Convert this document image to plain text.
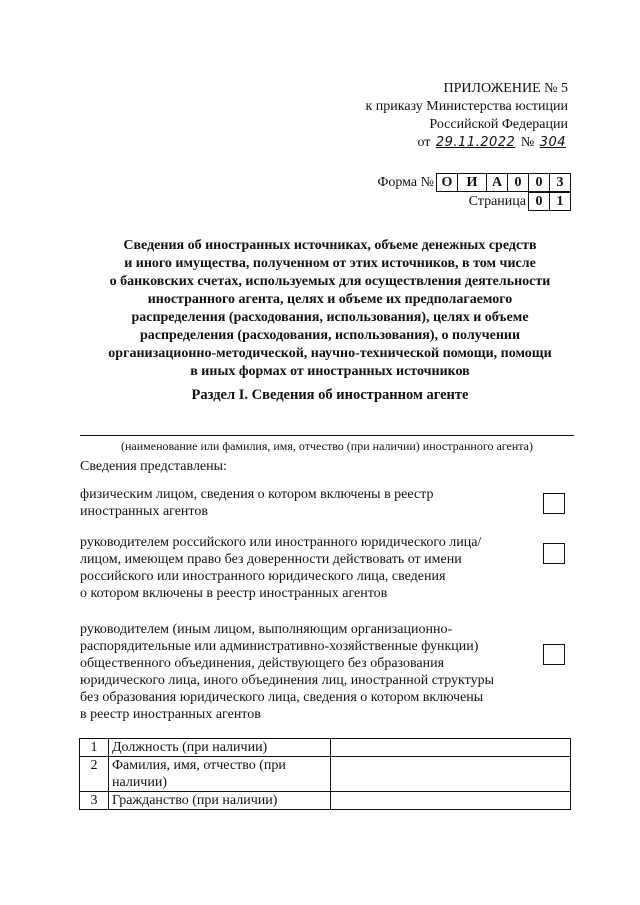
ПРИЛОЖЕНИЕ № 5
к приказу Министерства юстиции
Российской Федерации
от 29.11.2022 № 304
Форма № О	И	А 0	0	3
Страница 0	1
Сведения об иностранных источниках, объеме денежных средств
и иного имущества, полученном от этих источников, в том числе
о банковских счетах, используемых для осуществления деятельности
иностранного агента, целях и объеме их предполагаемого
распределения (расходования, использования), целях и объеме
распределения (расходования, использования), о получении
организационно-методической, научно-технической помощи, помощи
в иных формах от иностранных источников
Раздел I. Сведения об иностранном агенте
(наименование или фамилия, имя, отчество (при наличии) иностранного агента)
Сведения представлены:
физическим лицом, сведения о котором включены в реестр
иностранных агентов
руководителем российского или иностранного юридического лица/
лицом, имеющем право без доверенности действовать от имени
российского или иностранного юридического лица, сведения
о котором включены в реестр иностранных агентов
руководителем (иным лицом, выполняющим организационно-
распорядительные или административно-хозяйственные функции)
общественного объединения, действующего без образования
юридического лица, иного объединения лиц, иностранной структуры
без образования юридического лица, сведения о котором включены
в реестр иностранных агентов
1	Должность (при наличии)	

2	Фамилия, имя, отчество (при
наличии)	

3	Гражданство (при наличии)	
